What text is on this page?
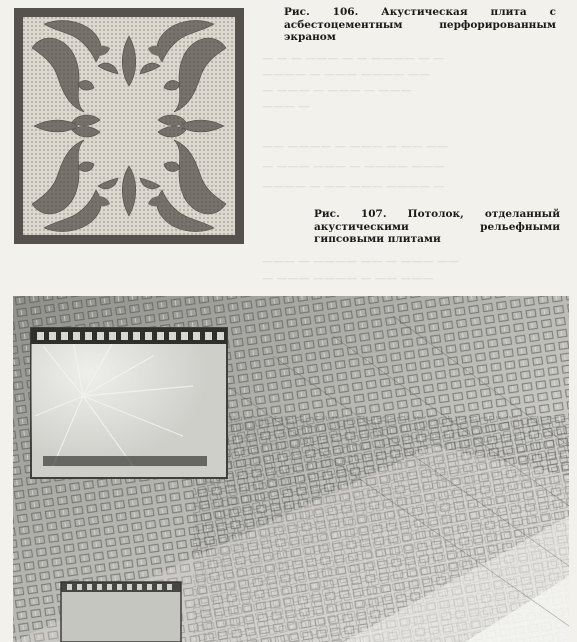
— — — ——— — — ———— — —
———— — ——— ———— ——
— ——— — ——— — ———
——— —
—— ———— — ——— — —— ——
— ——— ——— — ———— ———
———— — —— ——— ———— —
——— — ———— —— — ——— ——
— ——— ———— — —— ———
Рис. 106. Акустическая плита с асбестоцементным перфорированным экраном
Рис. 107. Потолок, отделанный акустическими рельефными гипсовыми плитами
